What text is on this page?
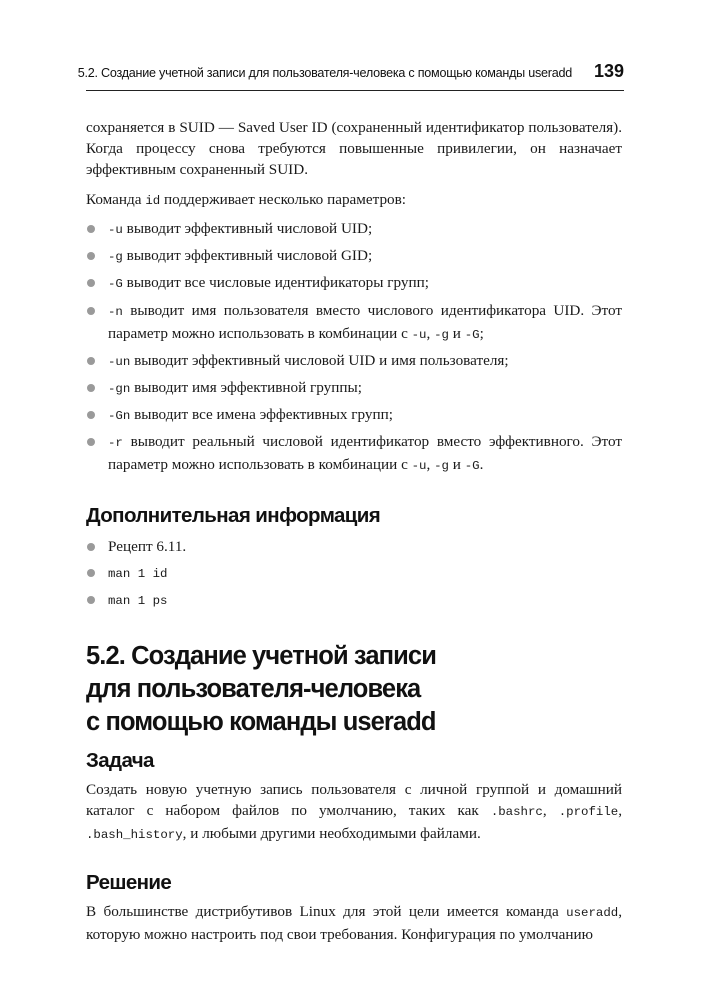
5.2. Создание учетной записи для пользователя-человека с помощью команды useradd 139

сохраняется в SUID — Saved User ID (сохраненный идентификатор пользователя). Когда процессу снова требуются повышенные привилегии, он назначает эффективным сохраненный SUID.

Команда id поддерживает несколько параметров:

-u выводит эффективный числовой UID;
-g выводит эффективный числовой GID;
-G выводит все числовые идентификаторы групп;
-n выводит имя пользователя вместо числового идентификатора UID. Этот параметр можно использовать в комбинации с -u, -g и -G;
-un выводит эффективный числовой UID и имя пользователя;
-gn выводит имя эффективной группы;
-Gn выводит все имена эффективных групп;
-r выводит реальный числовой идентификатор вместо эффективного. Этот параметр можно использовать в комбинации с -u, -g и -G.
Дополнительная информация
Рецепт 6.11.
man 1 id
man 1 ps
5.2. Создание учетной записи
для пользователя-человека
с помощью команды useradd
Задача

Создать новую учетную запись пользователя с личной группой и домашний каталог с набором файлов по умолчанию, таких как .bashrc, .profile, .bash_history, и любыми другими необходимыми файлами.

Решение

В большинстве дистрибутивов Linux для этой цели имеется команда useradd, которую можно настроить под свои требования. Конфигурация по умолчанию
